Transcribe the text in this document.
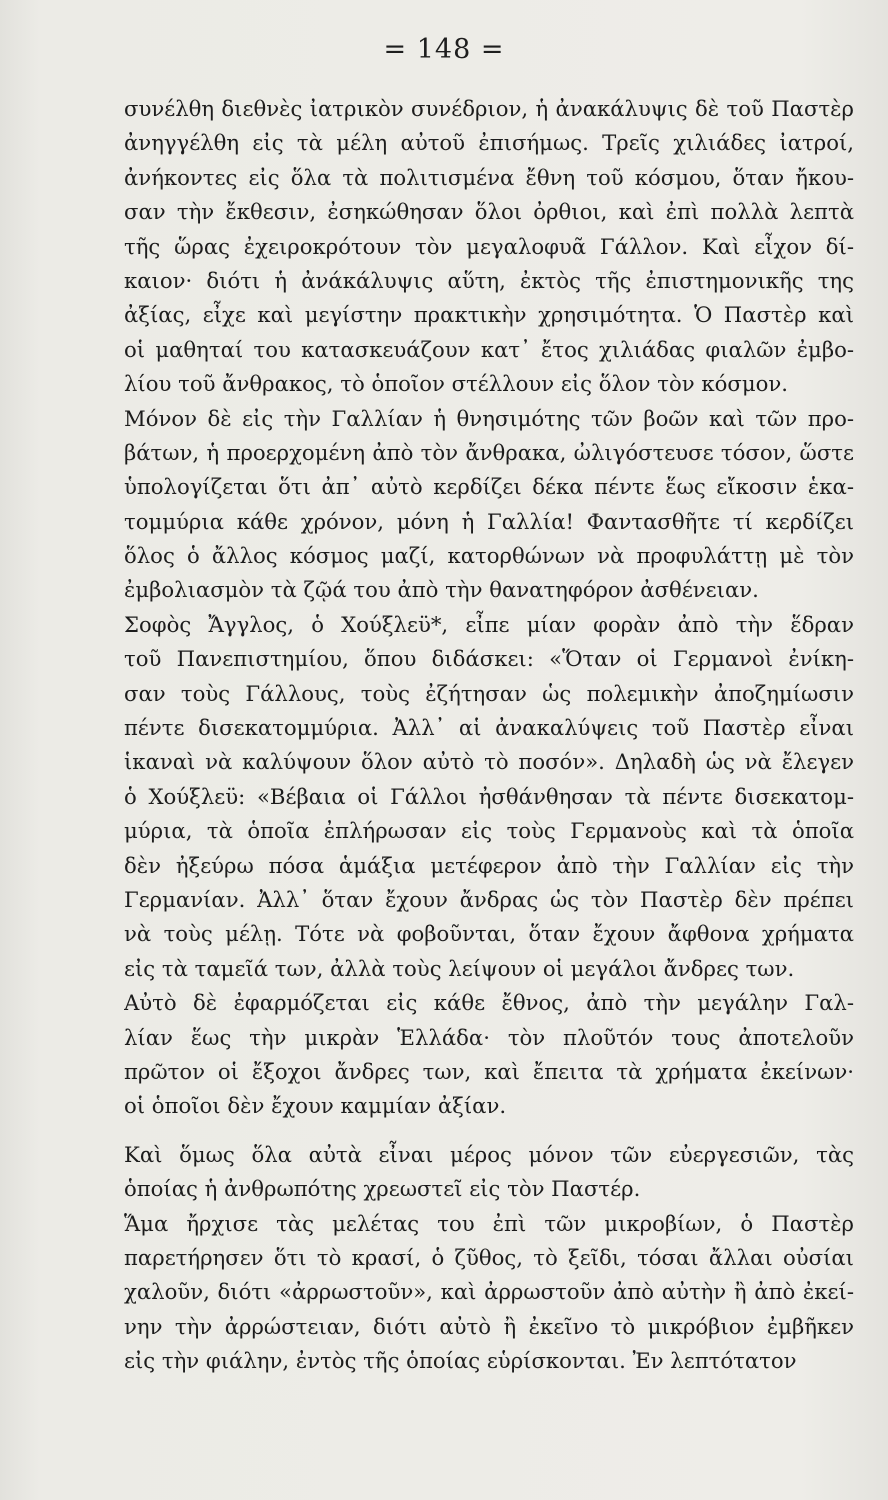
= 148 =
συνέλθη διεθνὲς ἰατρικὸν συνέδριον, ἡ ἀνακάλυψις δὲ τοῦ Παστὲρ
ἀνηγγέλθη εἰς τὰ μέλη αὐτοῦ ἐπισήμως. Τρεῖς χιλιάδες ἰατροί,
ἀνήκοντες εἰς ὅλα τὰ πολιτισμένα ἔθνη τοῦ κόσμου, ὅταν ἤκου-
σαν τὴν ἔκθεσιν, ἐσηκώθησαν ὅλοι ὀρθιοι, καὶ ἐπὶ πολλὰ λεπτὰ
τῆς ὥρας ἐχειροκρότουν τὸν μεγαλοφυᾶ Γάλλον. Καὶ εἶχον δί-
καιον· διότι ἡ ἀνάκάλυψις αὕτη, ἐκτὸς τῆς ἐπιστημονικῆς της
ἀξίας, εἶχε καὶ μεγίστην πρακτικὴν χρησιμότητα. Ὁ Παστὲρ καὶ
οἱ μαθηταί του κατασκευάζουν κατ᾿ ἔτος χιλιάδας φιαλῶν ἐμβο-
λίου τοῦ ἄνθρακος, τὸ ὁποῖον στέλλουν εἰς ὅλον τὸν κόσμον.
Μόνον δὲ εἰς τὴν Γαλλίαν ἡ θνησιμότης τῶν βοῶν καὶ τῶν προ-
βάτων, ἡ προερχομένη ἀπὸ τὸν ἄνθρακα, ὠλιγόστευσε τόσον, ὥστε
ὑπολογίζεται ὅτι ἀπ᾿ αὐτὸ κερδίζει δέκα πέντε ἕως εἴκοσιν ἑκα-
τομμύρια κάθε χρόνον, μόνη ἡ Γαλλία! Φαντασθῆτε τί κερδίζει
ὅλος ὁ ἄλλος κόσμος μαζί, κατορθώνων νὰ προφυλάττῃ μὲ τὸν
ἐμβολιασμὸν τὰ ζῷά του ἀπὸ τὴν θανατηφόρον ἀσθένειαν.
Σοφὸς Ἄγγλος, ὁ Χούξλεϋ*, εἶπε μίαν φορὰν ἀπὸ τὴν ἕδραν
τοῦ Πανεπιστημίου, ὅπου διδάσκει: «Ὅταν οἱ Γερμανοὶ ἐνίκη-
σαν τοὺς Γάλλους, τοὺς ἐζήτησαν ὡς πολεμικὴν ἀποζημίωσιν
πέντε δισεκατομμύρια. Ἀλλ᾿ αἱ ἀνακαλύψεις τοῦ Παστὲρ εἶναι
ἱκαναὶ νὰ καλύψουν ὅλον αὐτὸ τὸ ποσόν». Δηλαδὴ ὡς νὰ ἔλεγεν
ὁ Χούξλεϋ: «Βέβαια οἱ Γάλλοι ἠσθάνθησαν τὰ πέντε δισεκατομ-
μύρια, τὰ ὁποῖα ἐπλήρωσαν εἰς τοὺς Γερμανοὺς καὶ τὰ ὁποῖα
δὲν ἠξεύρω πόσα ἁμάξια μετέφερον ἀπὸ τὴν Γαλλίαν εἰς τὴν
Γερμανίαν. Ἀλλ᾿ ὅταν ἔχουν ἄνδρας ὡς τὸν Παστὲρ δὲν πρέπει
νὰ τοὺς μέλῃ. Τότε νὰ φοβοῦνται, ὅταν ἔχουν ἄφθονα χρήματα
εἰς τὰ ταμεῖά των, ἀλλὰ τοὺς λείψουν οἱ μεγάλοι ἄνδρες των.
Αὐτὸ δὲ ἐφαρμόζεται εἰς κάθε ἔθνος, ἀπὸ τὴν μεγάλην Γαλ-
λίαν ἕως τὴν μικρὰν Ἑλλάδα· τὸν πλοῦτόν τους ἀποτελοῦν
πρῶτον οἱ ἔξοχοι ἄνδρες των, καὶ ἔπειτα τὰ χρήματα ἐκείνων·
οἱ ὁποῖοι δὲν ἔχουν καμμίαν ἀξίαν.
Καὶ ὅμως ὅλα αὐτὰ εἶναι μέρος μόνον τῶν εὐεργεσιῶν, τὰς
ὁποίας ἡ ἀνθρωπότης χρεωστεῖ εἰς τὸν Παστέρ.
Ἅμα ἤρχισε τὰς μελέτας του ἐπὶ τῶν μικροβίων, ὁ Παστὲρ
παρετήρησεν ὅτι τὸ κρασί, ὁ ζῦθος, τὸ ξεῖδι, τόσαι ἄλλαι οὐσίαι
χαλοῦν, διότι «ἀρρωστοῦν», καὶ ἀρρωστοῦν ἀπὸ αὐτὴν ἢ ἀπὸ ἐκεί-
νην τὴν ἀρρώστειαν, διότι αὐτὸ ἢ ἐκεῖνο τὸ μικρόβιον ἐμβῆκεν
εἰς τὴν φιάλην, ἐντὸς τῆς ὁποίας εὑρίσκονται. Ἐν λεπτότατον
